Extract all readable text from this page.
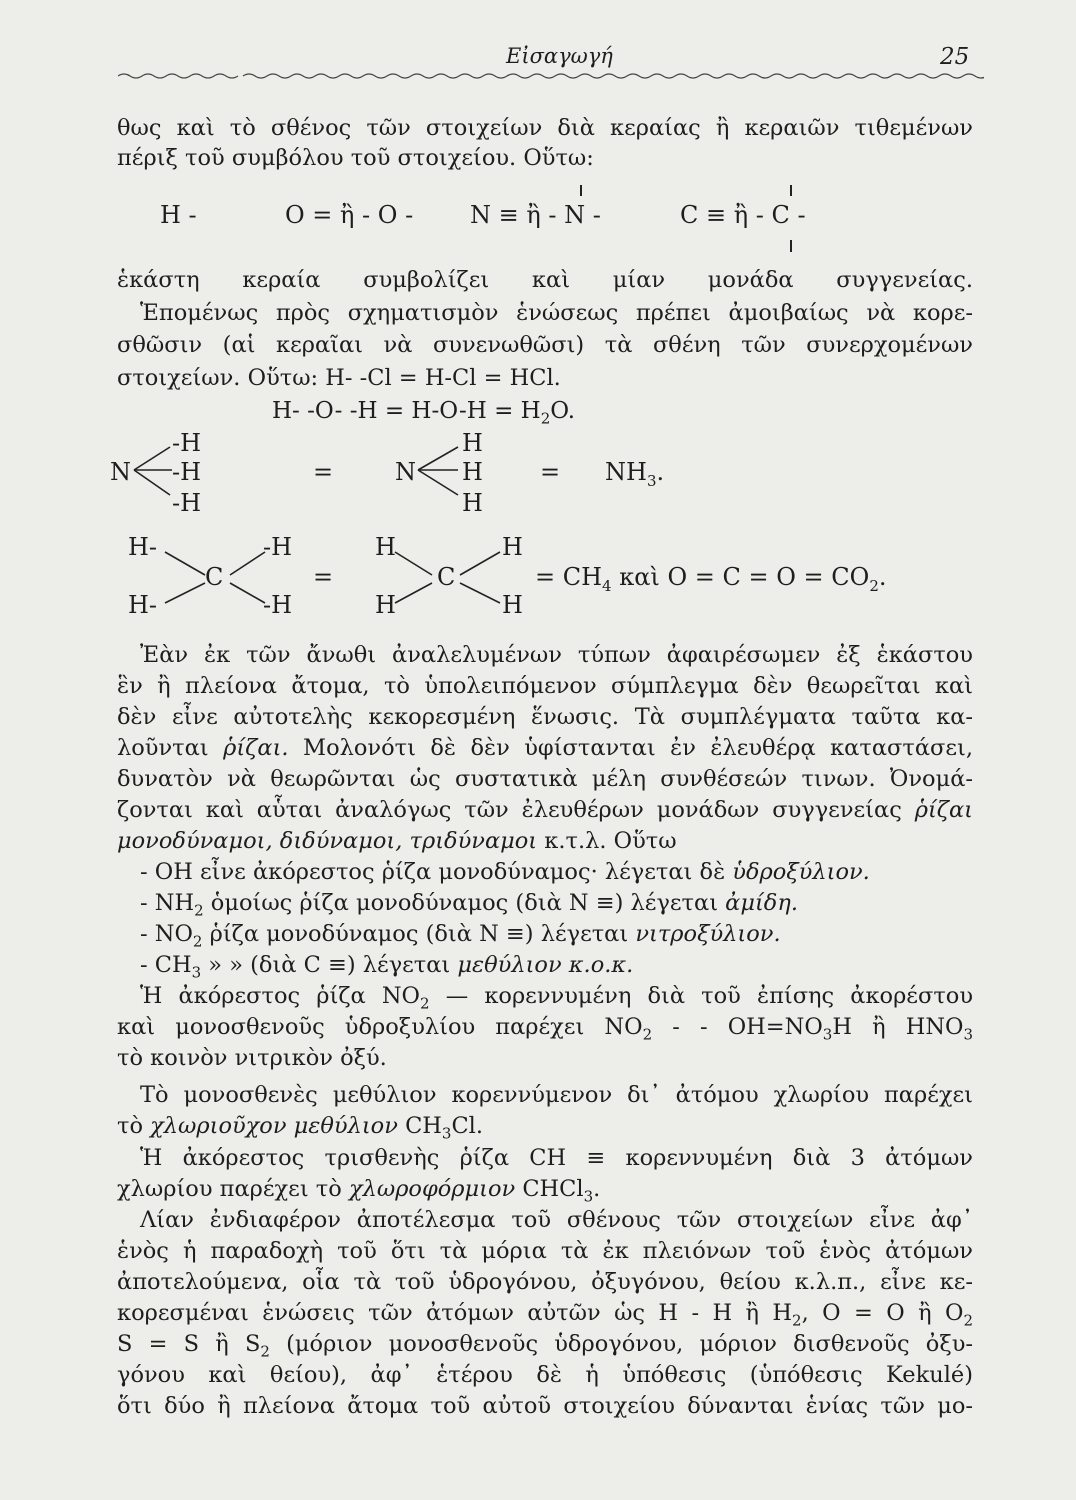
Εἰσαγωγή	25
θως καὶ τὸ σθένος τῶν στοιχείων διὰ κεραίας ἢ κεραιῶν τιθεμένων
πέριξ τοῦ συμβόλου τοῦ στοιχείου. Οὕτω:
H -	O = ἢ - O - N ≡ ἢ - N -	C ≡ ἢ - C -
ἑκάστη κεραία συμβολίζει καὶ μίαν μονάδα συγγενείας.
Ἑπομένως πρὸς σχηματισμὸν ἑνώσεως πρέπει ἀμοιβαίως νὰ κορε-
σθῶσιν (αἱ κεραῖαι νὰ συνενωθῶσι) τὰ σθένη τῶν συνερχομένων
στοιχείων. Οὕτω: H- -Cl = H-Cl = HCl.
H- -O- $-H = H-O-H = H_2O$.
-H
N -H
-H
=	N
H
H
H
= $NH_3$.
H-
H-
C
-H
-H
=
H
H
C
H
H
= $CH_4$ καὶ $O = C = O = CO_2$.
Ἐὰν ἐκ τῶν ἄνωθι ἀναλελυμένων τύπων ἀφαιρέσωμεν ἐξ ἑκάστου
ἓν ἢ πλείονα ἄτομα, τὸ ὑπολειπόμενον σύμπλεγμα δὲν θεωρεῖται καὶ
δὲν εἶνε αὐτοτελὴς κεκορεσμένη ἕνωσις. Τὰ συμπλέγματα ταῦτα κα-
λοῦνται ῥίζαι. Μολονότι δὲ δὲν ὑφίστανται ἐν ἐλευθέρᾳ καταστάσει,
δυνατὸν νὰ θεωρῶνται ὡς συστατικὰ μέλη συνθέσεών τινων. Ὀνομά-
ζονται καὶ αὗται ἀναλόγως τῶν ἐλευθέρων μονάδων συγγενείας ῥίζαι
μονοδύναμοι, διδύναμοι, τριδύναμοι κ.τ.λ. Οὕτω
- OH εἶνε ἀκόρεστος ῥίζα μονοδύναμος· λέγεται δὲ ὑδροξύλιον.
- $NH_2$ ὁμοίως ῥίζα μονοδύναμος (διὰ N ≡) λέγεται ἀμίδη.
- $NO_2$ ῥίζα μονοδύναμος (διὰ N ≡) λέγεται νιτροξύλιον.
- $CH_3$ » » (διὰ C ≡) λέγεται μεθύλιον κ.ο.κ.
Ἡ ἀκόρεστος ῥίζα $NO_2$ — κορεννυμένη διὰ τοῦ ἐπίσης ἀκορέστου
καὶ μονοσθενοῦς ὑδροξυλίου παρέχει $NO_2$ - - $OH=NO_3H$ ἢ $HNO_3$
τὸ κοινὸν νιτρικὸν ὀξύ.
Τὸ μονοσθενὲς μεθύλιον κορεννύμενον δι᾽ ἀτόμου χλωρίου παρέχει
τὸ χλωριοῦχον μεθύλιον $CH_3Cl$.
Ἡ ἀκόρεστος τρισθενὴς ῥίζα CH ≡ κορεννυμένη διὰ 3 ἀτόμων
χλωρίου παρέχει τὸ χλωροφόρμιον CHCl$_3$.
Λίαν ἐνδιαφέρον ἀποτέλεσμα τοῦ σθένους τῶν στοιχείων εἶνε ἀφ᾽
ἑνὸς ἡ παραδοχὴ τοῦ ὅτι τὰ μόρια τὰ ἐκ πλειόνων τοῦ ἑνὸς ἀτόμων
ἀποτελούμενα, οἷα τὰ τοῦ ὑδρογόνου, ὀξυγόνου, θείου κ.λ.π., εἶνε κε-
κορεσμέναι ἑνώσεις τῶν ἀτόμων αὐτῶν ὡς H - H ἢ $H_2$, O = O ἢ $O_2$
S = S ἢ $S_2$ (μόριον μονοσθενοῦς ὑδρογόνου, μόριον δισθενοῦς ὀξυ-
γόνου καὶ θείου), ἀφ᾽ ἑτέρου δὲ ἡ ὑπόθεσις (ὑπόθεσις Kekulé)
ὅτι δύο ἢ πλείονα ἄτομα τοῦ αὐτοῦ στοιχείου δύνανται ἑνίας τῶν μο-
